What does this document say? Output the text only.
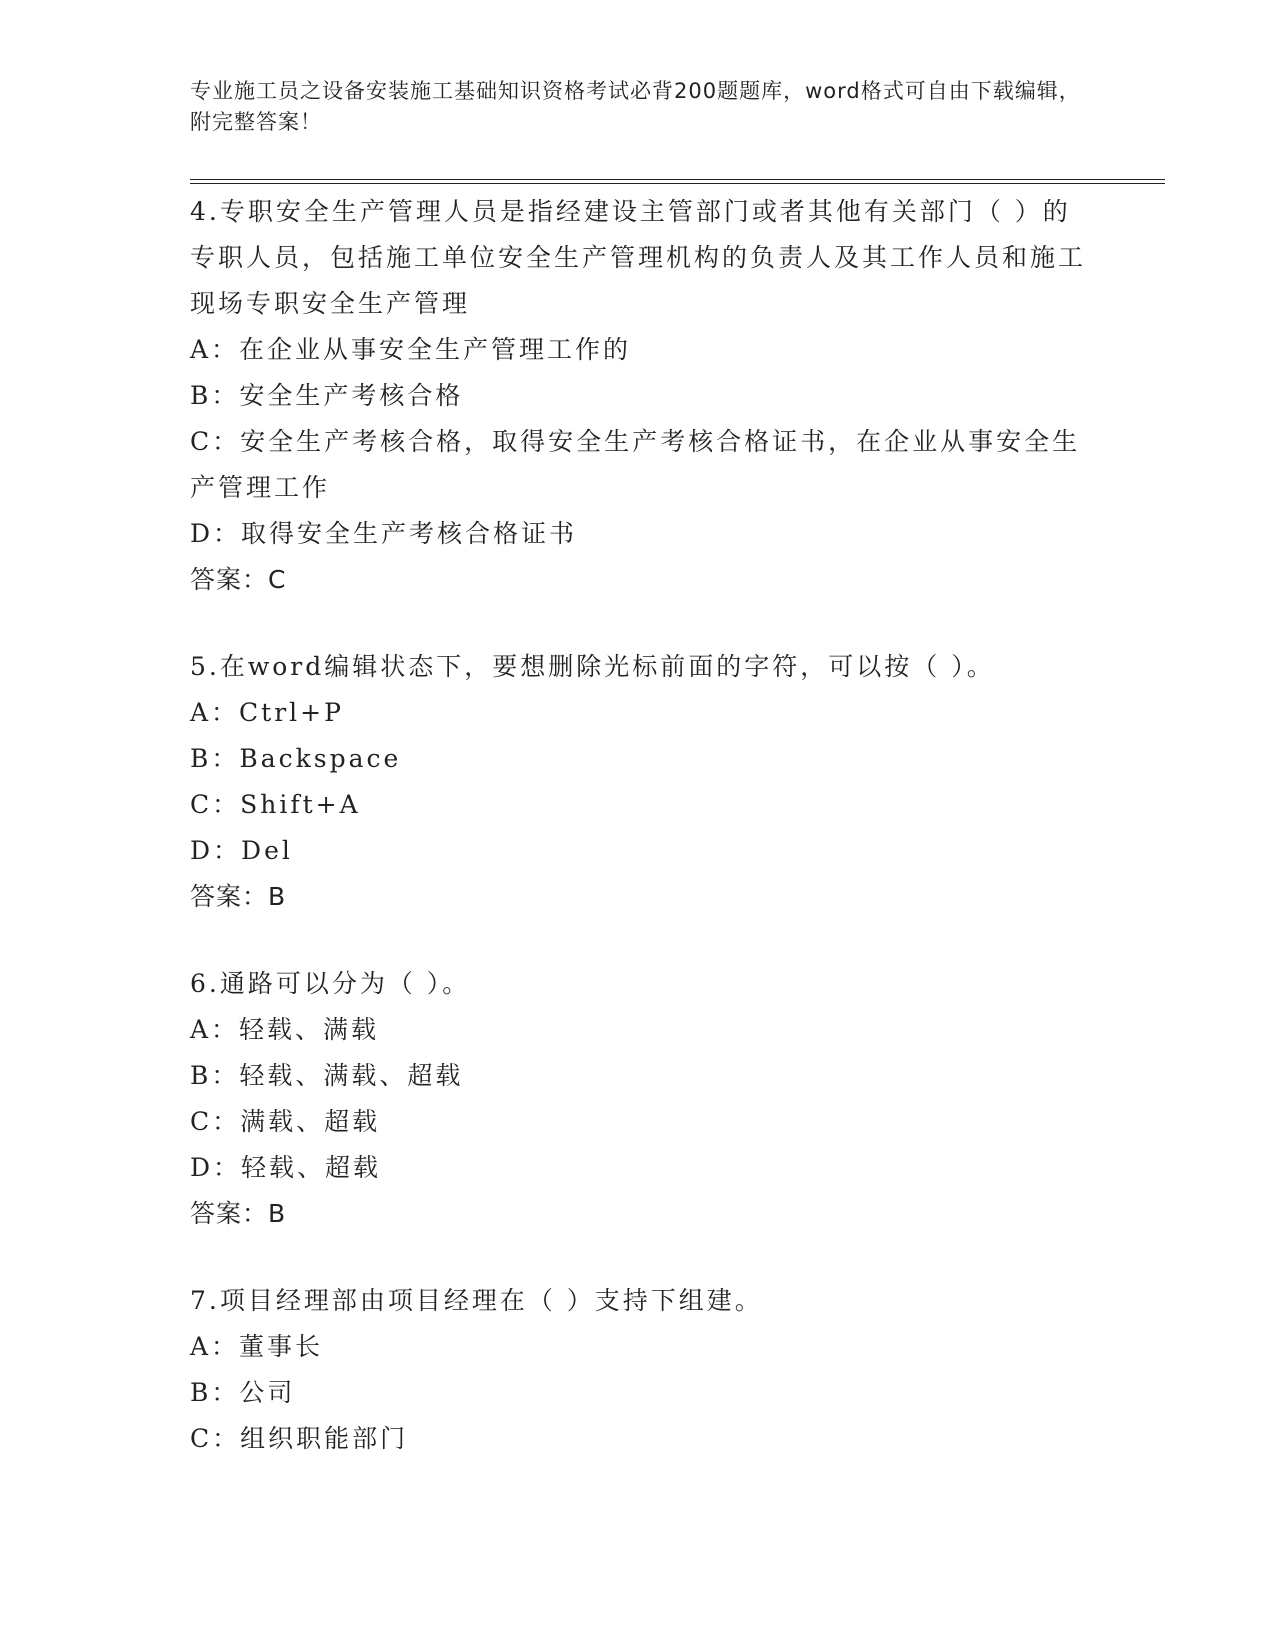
专业施工员之设备安装施工基础知识资格考试必背200题题库，word格式可自由下载编辑，附完整答案！
4.专职安全生产管理人员是指经建设主管部门或者其他有关部门（ ）的专职人员，包括施工单位安全生产管理机构的负责人及其工作人员和施工现场专职安全生产管理
A：在企业从事安全生产管理工作的
B：安全生产考核合格
C：安全生产考核合格，取得安全生产考核合格证书，在企业从事安全生产管理工作
D：取得安全生产考核合格证书
答案：C
5.在word编辑状态下，要想删除光标前面的字符，可以按（ ）。
A：Ctrl+P
B：Backspace
C：Shift+A
D：Del
答案：B
6.通路可以分为（ ）。
A：轻载、满载
B：轻载、满载、超载
C：满载、超载
D：轻载、超载
答案：B
7.项目经理部由项目经理在（ ）支持下组建。
A：董事长
B：公司
C：组织职能部门
